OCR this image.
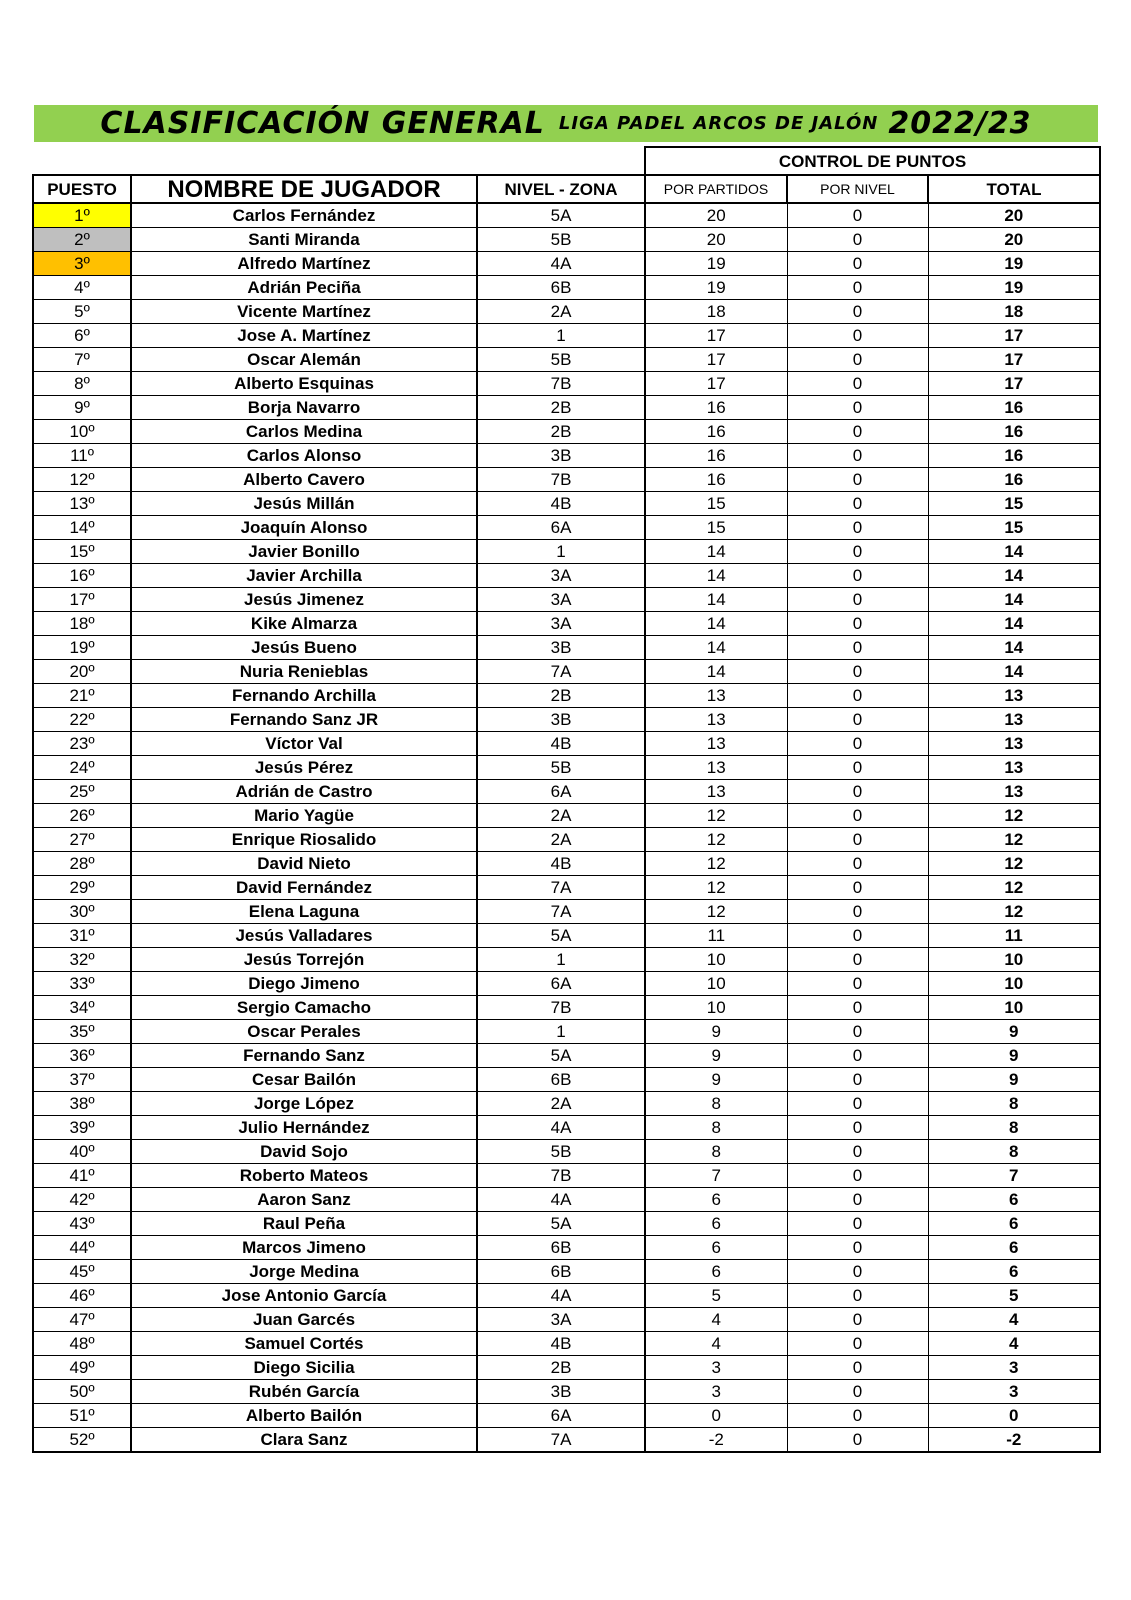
CLASIFICACIÓN GENERAL LIGA PADEL ARCOS DE JALÓN 2022/23
			CONTROL DE PUNTOS		
PUESTO	NOMBRE DE JUGADOR	NIVEL - ZONA	POR PARTIDOS	POR NIVEL	TOTAL
1º	Carlos Fernández	5A	20	0	20
2º	Santi Miranda	5B	20	0	20
3º	Alfredo Martínez	4A	19	0	19
4º	Adrián Peciña	6B	19	0	19
5º	Vicente Martínez	2A	18	0	18
6º	Jose A. Martínez	1	17	0	17
7º	Oscar Alemán	5B	17	0	17
8º	Alberto Esquinas	7B	17	0	17
9º	Borja Navarro	2B	16	0	16
10º	Carlos Medina	2B	16	0	16
11º	Carlos Alonso	3B	16	0	16
12º	Alberto Cavero	7B	16	0	16
13º	Jesús Millán	4B	15	0	15
14º	Joaquín Alonso	6A	15	0	15
15º	Javier Bonillo	1	14	0	14
16º	Javier Archilla	3A	14	0	14
17º	Jesús Jimenez	3A	14	0	14
18º	Kike Almarza	3A	14	0	14
19º	Jesús Bueno	3B	14	0	14
20º	Nuria Renieblas	7A	14	0	14
21º	Fernando Archilla	2B	13	0	13
22º	Fernando Sanz JR	3B	13	0	13
23º	Víctor Val	4B	13	0	13
24º	Jesús Pérez	5B	13	0	13
25º	Adrián de Castro	6A	13	0	13
26º	Mario Yagüe	2A	12	0	12
27º	Enrique Riosalido	2A	12	0	12
28º	David Nieto	4B	12	0	12
29º	David Fernández	7A	12	0	12
30º	Elena Laguna	7A	12	0	12
31º	Jesús Valladares	5A	11	0	11
32º	Jesús Torrejón	1	10	0	10
33º	Diego Jimeno	6A	10	0	10
34º	Sergio Camacho	7B	10	0	10
35º	Oscar Perales	1	9	0	9
36º	Fernando Sanz	5A	9	0	9
37º	Cesar Bailón	6B	9	0	9
38º	Jorge López	2A	8	0	8
39º	Julio Hernández	4A	8	0	8
40º	David Sojo	5B	8	0	8
41º	Roberto Mateos	7B	7	0	7
42º	Aaron Sanz	4A	6	0	6
43º	Raul Peña	5A	6	0	6
44º	Marcos Jimeno	6B	6	0	6
45º	Jorge Medina	6B	6	0	6
46º	Jose Antonio García	4A	5	0	5
47º	Juan Garcés	3A	4	0	4
48º	Samuel Cortés	4B	4	0	4
49º	Diego Sicilia	2B	3	0	3
50º	Rubén García	3B	3	0	3
51º	Alberto Bailón	6A	0	0	0
52º	Clara Sanz	7A	-2	0	-2
